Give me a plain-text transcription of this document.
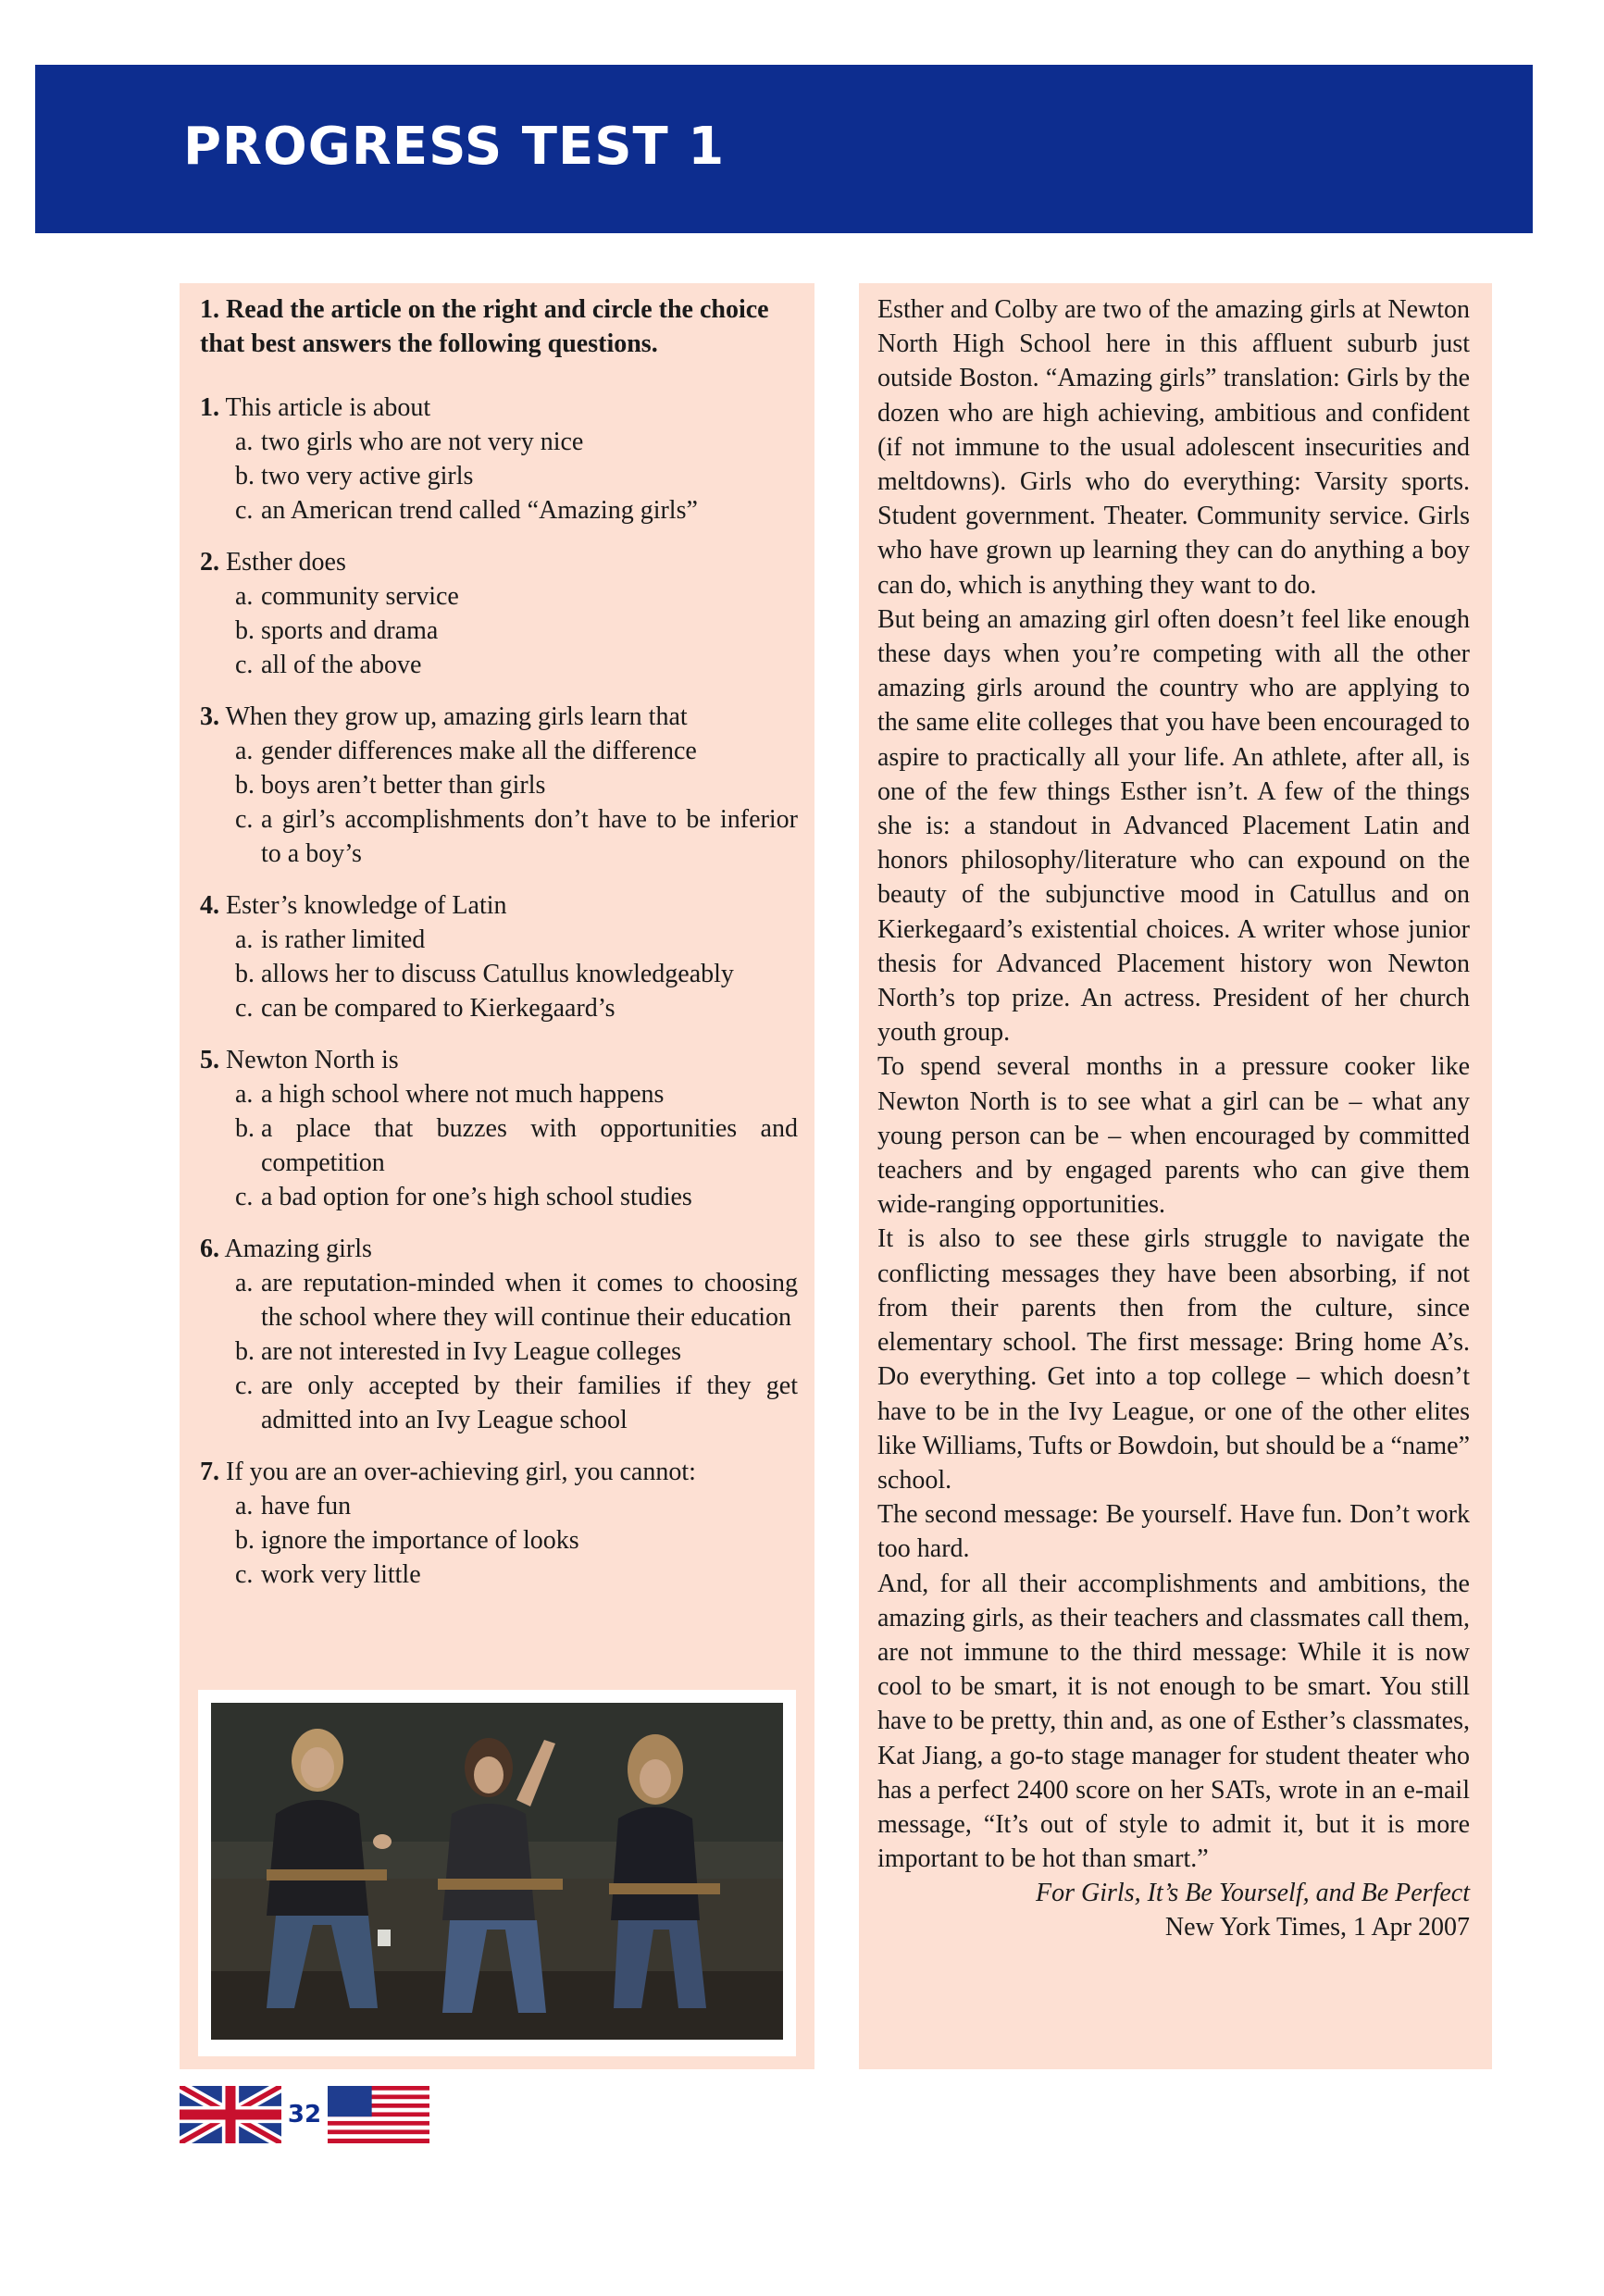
PROGRESS TEST 1

1. Read the article on the right and circle the choice that best answers the following questions.

1. This article is about
a. two girls who are not very nice
b. two very active girls
c. an American trend called “Amazing girls”
2. Esther does
a. community service
b. sports and drama
c. all of the above
3. When they grow up, amazing girls learn that
a. gender differences make all the difference
b. boys aren’t better than girls
c. a girl’s accomplishments don’t have to be inferior to a boy’s
4. Ester’s knowledge of Latin
a. is rather limited
b. allows her to discuss Catullus knowledgeably
c. can be compared to Kierkegaard’s
5. Newton North is
a. a high school where not much happens
b. a place that buzzes with opportunities and competition
c. a bad option for one’s high school studies
6. Amazing girls
a. are reputation-minded when it comes to choosing the school where they will continue their education
b. are not interested in Ivy League colleges
c. are only accepted by their families if they get admitted into an Ivy League school
7. If you are an over-achieving girl, you cannot:
a. have fun
b. ignore the importance of looks
c. work very little

Esther and Colby are two of the amazing girls at Newton North High School here in this affluent suburb just outside Boston. “Amazing girls” translation: Girls by the dozen who are high achieving, ambitious and confident (if not immune to the usual adolescent insecurities and meltdowns). Girls who do everything: Varsity sports. Student government. Theater. Community service. Girls who have grown up learning they can do anything a boy can do, which is anything they want to do.

But being an amazing girl often doesn’t feel like enough these days when you’re competing with all the other amazing girls around the country who are applying to the same elite colleges that you have been encouraged to aspire to practically all your life. An athlete, after all, is one of the few things Esther isn’t. A few of the things she is: a standout in Advanced Placement Latin and honors philosophy/literature who can expound on the beauty of the subjunctive mood in Catullus and on Kierkegaard’s existential choices. A writer whose junior thesis for Advanced Placement history won Newton North’s top prize. An actress. President of her church youth group.

To spend several months in a pressure cooker like Newton North is to see what a girl can be – what any young person can be – when encouraged by committed teachers and by engaged parents who can give them wide-ranging opportunities.

It is also to see these girls struggle to navigate the conflicting messages they have been absorbing, if not from their parents then from the culture, since elementary school. The first message: Bring home A’s. Do everything. Get into a top college – which doesn’t have to be in the Ivy League, or one of the other elites like Williams, Tufts or Bowdoin, but should be a “name” school.

The second message: Be yourself. Have fun. Don’t work too hard.

And, for all their accomplishments and ambitions, the amazing girls, as their teachers and classmates call them, are not immune to the third message: While it is now cool to be smart, it is not enough to be smart. You still have to be pretty, thin and, as one of Esther’s classmates, Kat Jiang, a go-to stage manager for student theater who has a perfect 2400 score on her SATs, wrote in an e-mail message, “It’s out of style to admit it, but it is more important to be hot than smart.”

For Girls, It’s Be Yourself, and Be Perfect

New York Times, 1 Apr 2007

32
